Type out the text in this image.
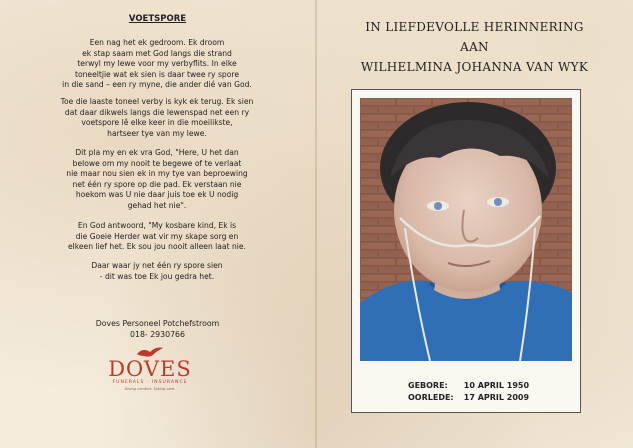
VOETSPORE
Een nag het ek gedroom. Ek droom
ek stap saam met God langs die strand
terwyl my lewe voor my verbyflits. In elke
toneeltjie wat ek sien is daar twee ry spore
in die sand – een ry myne, die ander dié van God.
Toe die laaste toneel verby is kyk ek terug. Ek sien
dat daar dikwels langs die lewenspad net een ry
voetspore lê elke keer in die moeilikste,
hartseer tye van my lewe.
Dit pla my en ek vra God, "Here, U het dan
belowe om my nooit te begewe of te verlaat
nie maar nou sien ek in my tye van beproewing
net één ry spore op die pad. Ek verstaan nie
hoekom was U nie daar juis toe ek U nodig
gehad het nie".
En God antwoord, "My kosbare kind, Ek is
die Goeie Herder wat vir my skape sorg en
elkeen lief het. Ek sou jou nooit alleen laat nie.
Daar waar jy net één ry spore sien
- dit was toe Ek jou gedra het.
Doves Personeel Potchefstroom
018- 2930766
DOVES
FUNERALS · INSURANCE
Giving comfort. Taking care.
IN LIEFDEVOLLE HERINNERING
AAN
WILHELMINA JOHANNA VAN WYK
GEBORE: 10 APRIL 1950
OORLEDE: 17 APRIL 2009
